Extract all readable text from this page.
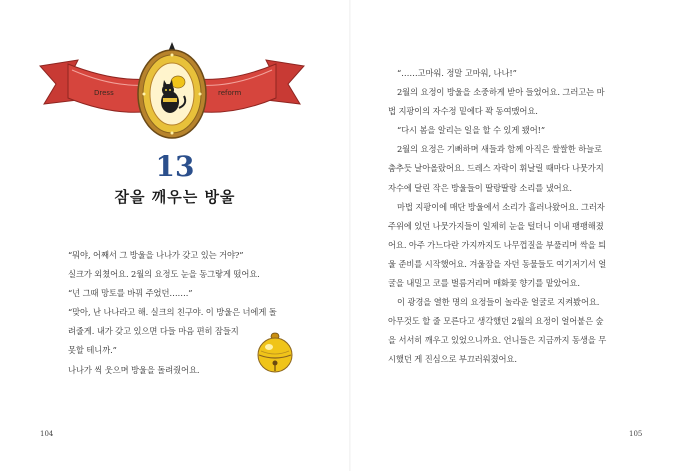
Dress	reform
13
잠을 깨우는 방울
“뭐야, 어째서 그 방울을 나나가 갖고 있는 거야?”
실크가 외쳤어요. 2월의 요정도 눈을 동그랗게 떴어요.
“넌 그때 망토를 바꿔 주었던…….”
“맞아, 난 나나라고 해. 실크의 친구야. 이 방울은 너에게 돌
려줄게. 내가 갖고 있으면 다들 마음 편히 잠들지
못할 테니까.”
나나가 씩 웃으며 방울을 돌려줬어요.
104
“……고마워. 정말 고마워, 나나!”
2월의 요정이 방울을 소중하게 받아 들었어요. 그러고는 마
법 지팡이의 자수정 밑에다 꽉 동여맸어요.
“다시 봄을 알리는 일을 할 수 있게 됐어!”
2월의 요정은 기뻐하며 새들과 함께 아직은 쌀쌀한 하늘로
춤추듯 날아올랐어요. 드레스 자락이 휘날릴 때마다 나뭇가지
자수에 달린 작은 방울들이 딸랑딸랑 소리를 냈어요.
마법 지팡이에 매단 방울에서 소리가 흘러나왔어요. 그러자
주위에 있던 나뭇가지들이 일제히 눈을 털더니 이내 팽팽해졌
어요. 아주 가느다란 가지까지도 나무껍질을 부풀리며 싹을 틔
울 준비를 시작했어요. 겨울잠을 자던 동물들도 여기저기서 얼
굴을 내밀고 코를 벌름거리며 매화꽃 향기를 맡았어요.
이 광경을 열한 명의 요정들이 놀라운 얼굴로 지켜봤어요.
아무것도 할 줄 모른다고 생각했던 2월의 요정이 얼어붙은 숲
을 서서히 깨우고 있었으니까요. 언니들은 지금까지 동생을 무
시했던 게 진심으로 부끄러워졌어요.
105
